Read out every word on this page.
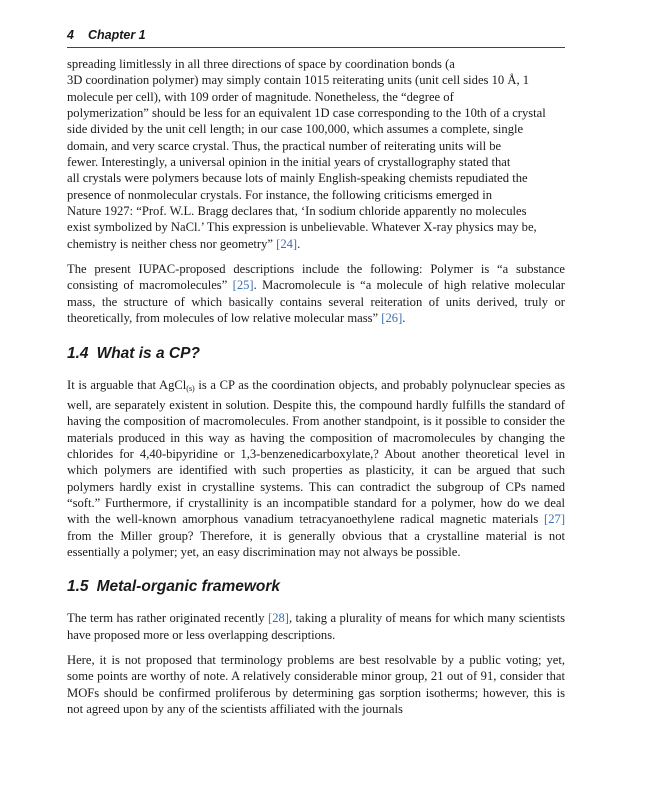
4 Chapter 1

spreading limitlessly in all three directions of space by coordination bonds (a
3D coordination polymer) may simply contain 1015 reiterating units (unit cell sides 10 Å, 1
molecule per cell), with 109 order of magnitude. Nonetheless, the “degree of
polymerization” should be less for an equivalent 1D case corresponding to the 10th of a crystal
side divided by the unit cell length; in our case 100,000, which assumes a complete, single
domain, and very scarce crystal. Thus, the practical number of reiterating units will be
fewer. Interestingly, a universal opinion in the initial years of crystallography stated that
all crystals were polymers because lots of mainly English-speaking chemists repudiated the
presence of nonmolecular crystals. For instance, the following criticisms emerged in
Nature 1927: “Prof. W.L. Bragg declares that, ‘In sodium chloride apparently no molecules
exist symbolized by NaCl.’ This expression is unbelievable. Whatever X-ray physics may be,
chemistry is neither chess nor geometry” [24].

The present IUPAC-proposed descriptions include the following: Polymer is “a substance consisting of macromolecules” [25]. Macromolecule is “a molecule of high relative molecular mass, the structure of which basically contains several reiteration of units derived, truly or theoretically, from molecules of low relative molecular mass” [26].

1.4 What is a CP?

It is arguable that AgCl$_{(s)}$ is a CP as the coordination objects, and probably polynuclear species as well, are separately existent in solution. Despite this, the compound hardly fulfills the standard of having the composition of macromolecules. From another standpoint, is it possible to consider the materials produced in this way as having the composition of macromolecules by changing the chlorides for 4,40-bipyridine or 1,3-benzenedicarboxylate,? About another theoretical level in which polymers are identified with such properties as plasticity, it can be argued that such polymers hardly exist in crystalline systems. This can contradict the subgroup of CPs named “soft.” Furthermore, if crystallinity is an incompatible standard for a polymer, how do we deal with the well-known amorphous vanadium tetracyanoethylene radical magnetic materials [27] from the Miller group? Therefore, it is generally obvious that a crystalline material is not essentially a polymer; yet, an easy discrimination may not always be possible.

1.5 Metal-organic framework

The term has rather originated recently [28], taking a plurality of means for which many scientists have proposed more or less overlapping descriptions.

Here, it is not proposed that terminology problems are best resolvable by a public voting; yet, some points are worthy of note. A relatively considerable minor group, 21 out of 91, consider that MOFs should be confirmed proliferous by determining gas sorption isotherms; however, this is not agreed upon by any of the scientists affiliated with the journals
